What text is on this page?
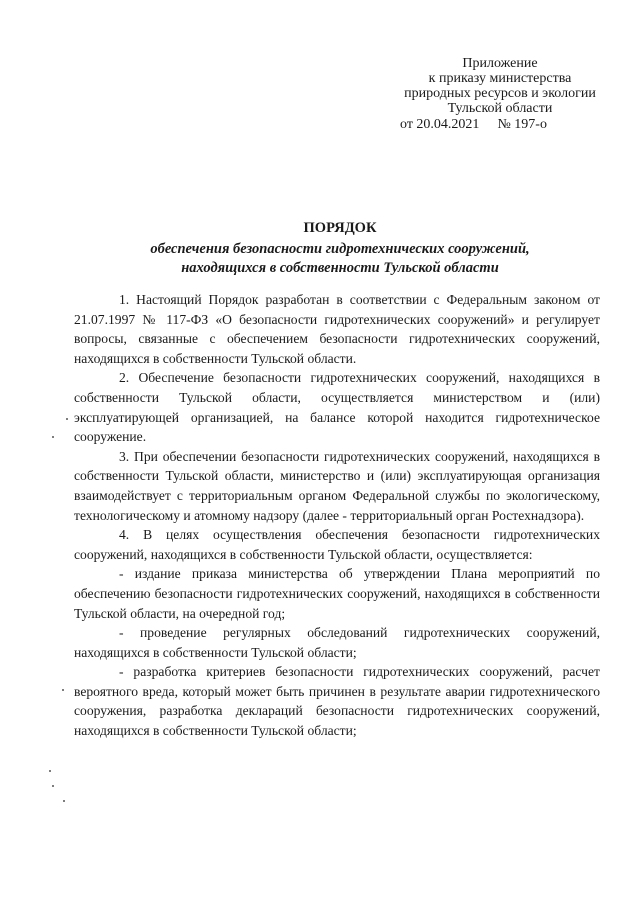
Приложение
к приказу министерства
природных ресурсов и экологии
Тульской области
от 20.04.2021 № 197-о
ПОРЯДОК
обеспечения безопасности гидротехнических сооружений,
находящихся в собственности Тульской области

1. Настоящий Порядок разработан в соответствии с Федеральным законом от 21.07.1997 № 117-ФЗ «О безопасности гидротехнических сооружений» и регулирует вопросы, связанные с обеспечением безопасности гидротехнических сооружений, находящихся в собственности Тульской области.

2. Обеспечение безопасности гидротехнических сооружений, находящихся в собственности Тульской области, осуществляется министерством и (или) эксплуатирующей организацией, на балансе которой находится гидротехническое сооружение.

3. При обеспечении безопасности гидротехнических сооружений, находящихся в собственности Тульской области, министерство и (или) эксплуатирующая организация взаимодействует с территориальным органом Федеральной службы по экологическому, технологическому и атомному надзору (далее - территориальный орган Ростехнадзора).

4. В целях осуществления обеспечения безопасности гидротехнических сооружений, находящихся в собственности Тульской области, осуществляется:

- издание приказа министерства об утверждении Плана мероприятий по обеспечению безопасности гидротехнических сооружений, находящихся в собственности Тульской области, на очередной год;

- проведение регулярных обследований гидротехнических сооружений, находящихся в собственности Тульской области;

- разработка критериев безопасности гидротехнических сооружений, расчет вероятного вреда, который может быть причинен в результате аварии гидротехнического сооружения, разработка деклараций безопасности гидротехнических сооружений, находящихся в собственности Тульской области;
